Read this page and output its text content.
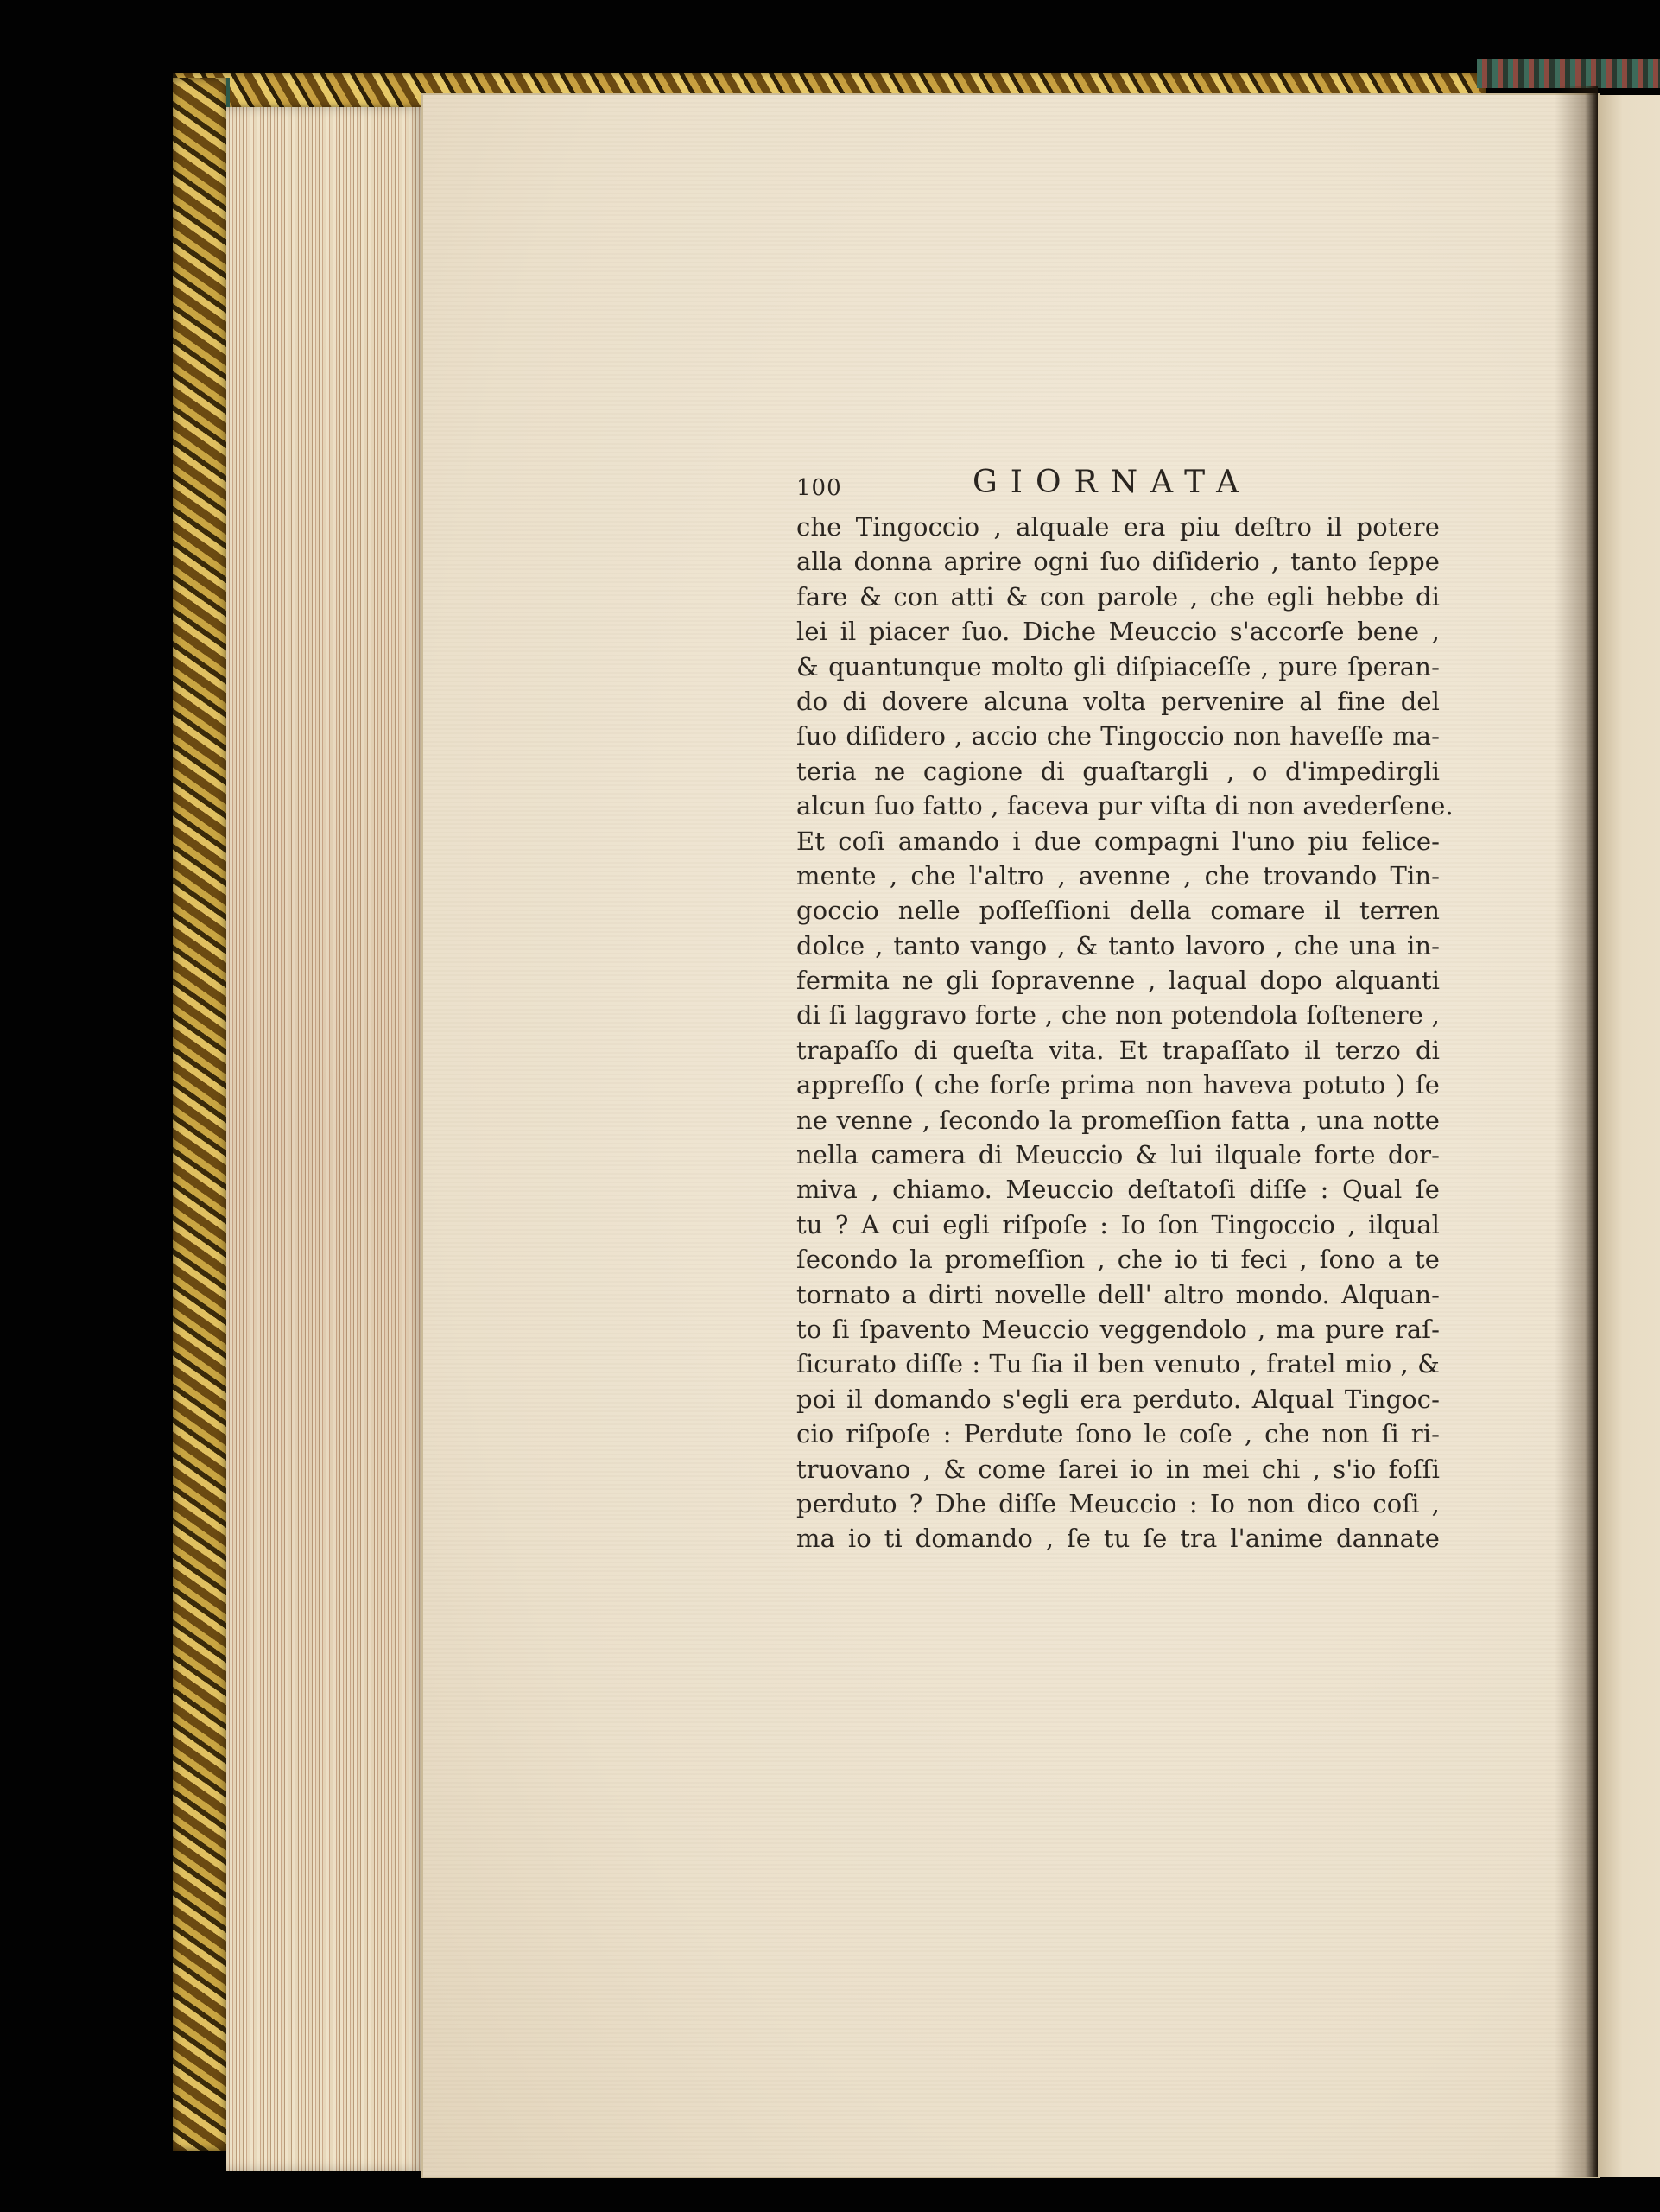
100	GIORNATA
che Tingoccio , alquale era piu deſtro il potere
alla donna aprire ogni ſuo diſiderio , tanto ſeppe
fare & con atti & con parole , che egli hebbe di
lei il piacer ſuo. Diche Meuccio s'accorſe bene ,
& quantunque molto gli diſpiaceſſe , pure ſperan-
do di dovere alcuna volta pervenire al fine del
ſuo diſidero , accio che Tingoccio non haveſſe ma-
teria ne cagione di guaſtargli , o d'impedirgli
alcun ſuo fatto , faceva pur viſta di non avederſene.
Et coſi amando i due compagni l'uno piu felice-
mente , che l'altro , avenne , che trovando Tin-
goccio nelle poſſeſſioni della comare il terren
dolce , tanto vango , & tanto lavoro , che una in-
fermita ne gli ſopravenne , laqual dopo alquanti
di ſi laggravo forte , che non potendola ſoſtenere ,
trapaſſo di queſta vita. Et trapaſſato il terzo di
appreſſo ( che forſe prima non haveva potuto ) ſe
ne venne , ſecondo la promeſſion fatta , una notte
nella camera di Meuccio & lui ilquale forte dor-
miva , chiamo. Meuccio deſtatoſi diſſe : Qual ſe
tu ? A cui egli riſpoſe : Io ſon Tingoccio , ilqual
ſecondo la promeſſion , che io ti feci , ſono a te
tornato a dirti novelle dell' altro mondo. Alquan-
to ſi ſpavento Meuccio veggendolo , ma pure raſ-
ſicurato diſſe : Tu ſia il ben venuto , fratel mio , &
poi il domando s'egli era perduto. Alqual Tingoc-
cio riſpoſe : Perdute ſono le coſe , che non ſi ri-
truovano , & come ſarei io in mei chi , s'io foſſi
perduto ? Dhe diſſe Meuccio : Io non dico coſi ,
ma io ti domando , ſe tu ſe tra l'anime dannate
